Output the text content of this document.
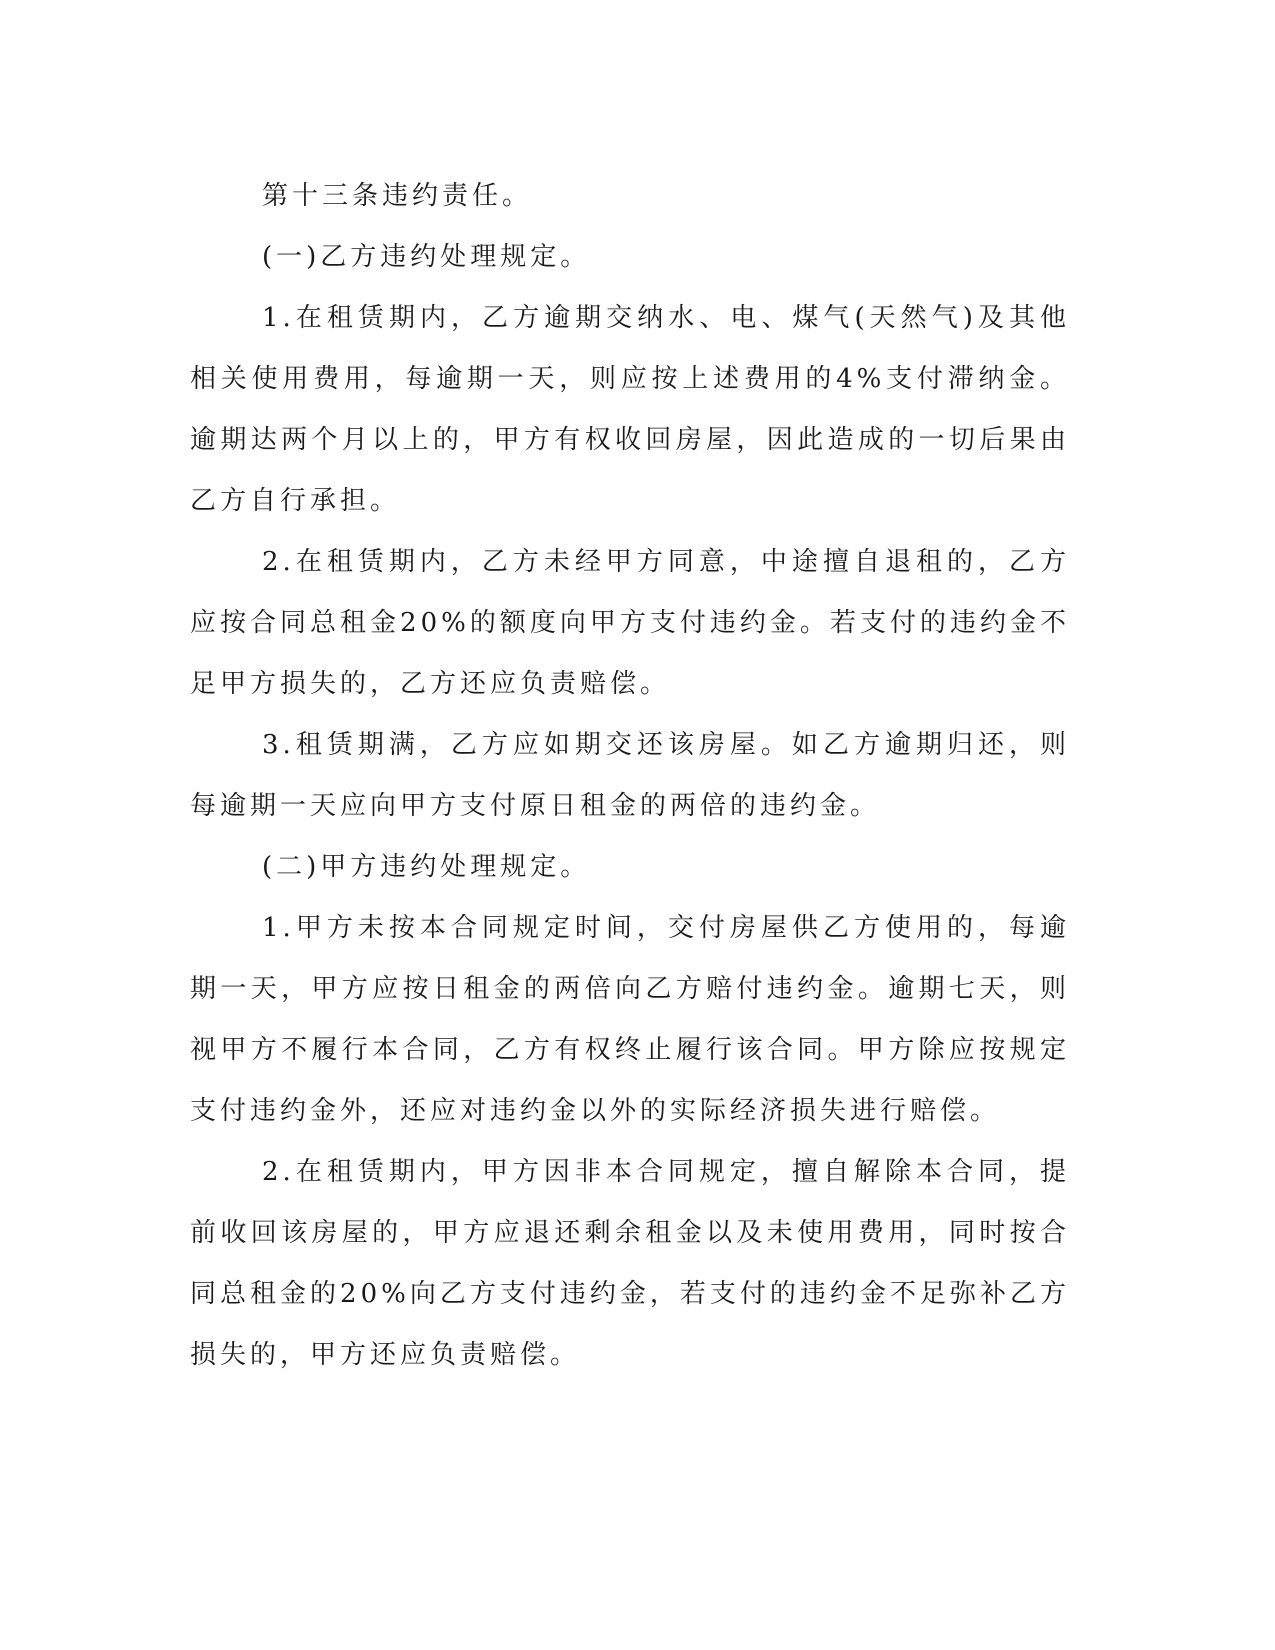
第十三条违约责任。

(一)乙方违约处理规定。

1.在租赁期内，乙方逾期交纳水、电、煤气(天然气)及其他相关使用费用，每逾期一天，则应按上述费用的4%支付滞纳金。逾期达两个月以上的，甲方有权收回房屋，因此造成的一切后果由乙方自行承担。

2.在租赁期内，乙方未经甲方同意，中途擅自退租的，乙方应按合同总租金20%的额度向甲方支付违约金。若支付的违约金不足甲方损失的，乙方还应负责赔偿。

3.租赁期满，乙方应如期交还该房屋。如乙方逾期归还，则每逾期一天应向甲方支付原日租金的两倍的违约金。

(二)甲方违约处理规定。

1.甲方未按本合同规定时间，交付房屋供乙方使用的，每逾期一天，甲方应按日租金的两倍向乙方赔付违约金。逾期七天，则视甲方不履行本合同，乙方有权终止履行该合同。甲方除应按规定支付违约金外，还应对违约金以外的实际经济损失进行赔偿。

2.在租赁期内，甲方因非本合同规定，擅自解除本合同，提前收回该房屋的，甲方应退还剩余租金以及未使用费用，同时按合同总租金的20%向乙方支付违约金，若支付的违约金不足弥补乙方损失的，甲方还应负责赔偿。
